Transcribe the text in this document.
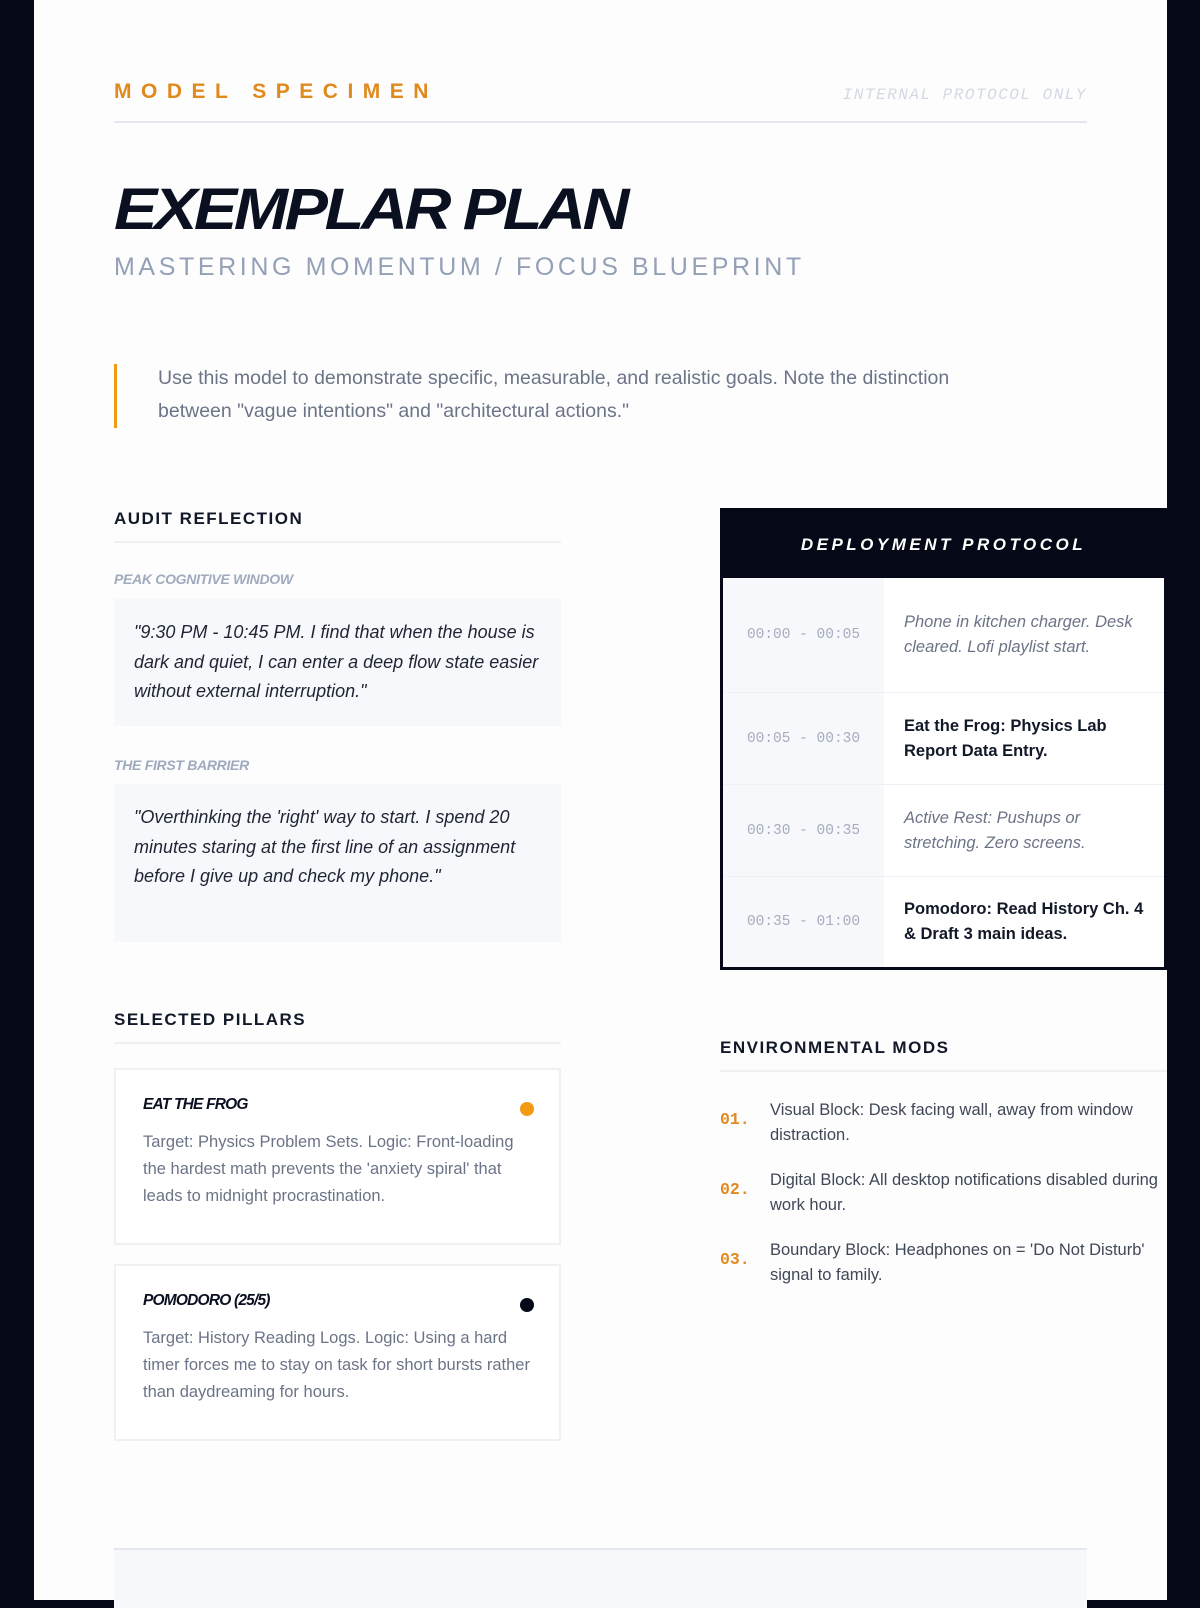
MODEL SPECIMEN	INTERNAL PROTOCOL ONLY
EXEMPLAR PLAN
MASTERING MOMENTUM / FOCUS BLUEPRINT

Use this model to demonstrate specific, measurable, and realistic goals. Note the distinction between "vague intentions" and "architectural actions."

AUDIT REFLECTION
PEAK COGNITIVE WINDOW
"9:30 PM - 10:45 PM. I find that when the house is dark and quiet, I can enter a deep flow state easier without external interruption."
THE FIRST BARRIER
"Overthinking the 'right' way to start. I spend 20 minutes staring at the first line of an assignment before I give up and check my phone."
SELECTED PILLARS
EAT THE FROG
Target: Physics Problem Sets. Logic: Front-loading the hardest math prevents the 'anxiety spiral' that leads to midnight procrastination.
POMODORO (25/5)
Target: History Reading Logs. Logic: Using a hard timer forces me to stay on task for short bursts rather than daydreaming for hours.
DEPLOYMENT PROTOCOL
00:00 - 00:05
Phone in kitchen charger. Desk cleared. Lofi playlist start.
00:05 - 00:30
Eat the Frog: Physics Lab Report Data Entry.
00:30 - 00:35
Active Rest: Pushups or stretching. Zero screens.
00:35 - 01:00
Pomodoro: Read History Ch. 4 & Draft 3 main ideas.
ENVIRONMENTAL MODS
01. Visual Block: Desk facing wall, away from window distraction.
02. Digital Block: All desktop notifications disabled during work hour.
03. Boundary Block: Headphones on = 'Do Not Disturb' signal to family.
